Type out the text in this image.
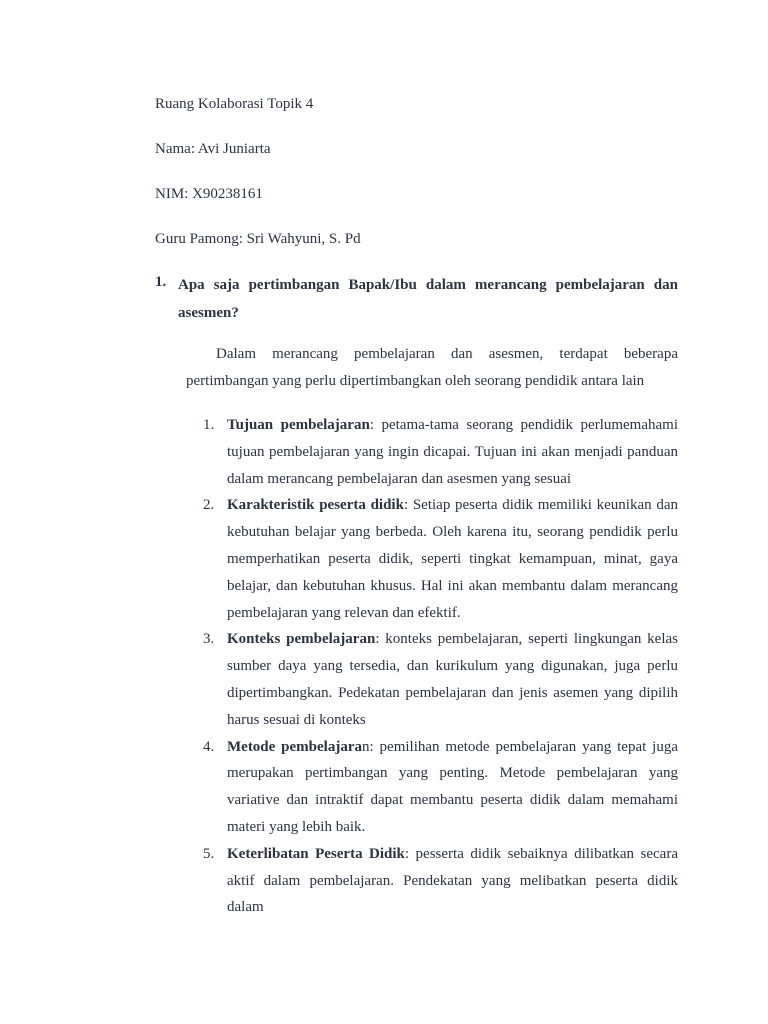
Ruang Kolaborasi Topik 4
Nama: Avi Juniarta
NIM: X90238161
Guru Pamong: Sri Wahyuni, S. Pd
1. Apa saja pertimbangan Bapak/Ibu dalam merancang pembelajaran dan asesmen?
Dalam merancang pembelajaran dan asesmen, terdapat beberapa pertimbangan yang perlu dipertimbangkan oleh seorang pendidik antara lain
1. Tujuan pembelajaran: petama-tama seorang pendidik perlumemahami tujuan pembelajaran yang ingin dicapai. Tujuan ini akan menjadi panduan dalam merancang pembelajaran dan asesmen yang sesuai
2. Karakteristik peserta didik: Setiap peserta didik memiliki keunikan dan kebutuhan belajar yang berbeda. Oleh karena itu, seorang pendidik perlu memperhatikan peserta didik, seperti tingkat kemampuan, minat, gaya belajar, dan kebutuhan khusus. Hal ini akan membantu dalam merancang pembelajaran yang relevan dan efektif.
3. Konteks pembelajaran: konteks pembelajaran, seperti lingkungan kelas sumber daya yang tersedia, dan kurikulum yang digunakan, juga perlu dipertimbangkan. Pedekatan pembelajaran dan jenis asemen yang dipilih harus sesuai di konteks
4. Metode pembelajaran: pemilihan metode pembelajaran yang tepat juga merupakan pertimbangan yang penting. Metode pembelajaran yang variative dan intraktif dapat membantu peserta didik dalam memahami materi yang lebih baik.
5. Keterlibatan Peserta Didik: pesserta didik sebaiknya dilibatkan secara aktif dalam pembelajaran. Pendekatan yang melibatkan peserta didik dalam
